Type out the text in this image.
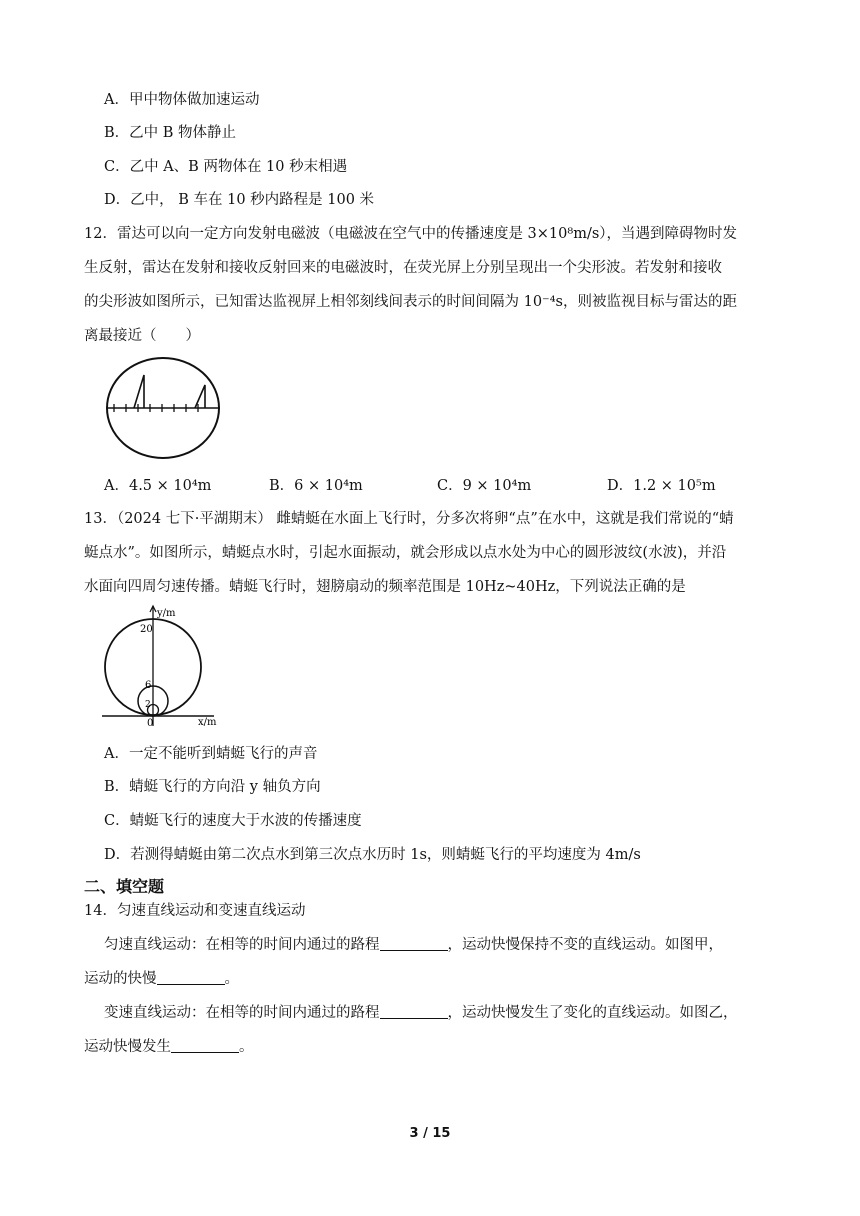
A．甲中物体做加速运动
B．乙中 B 物体静止
C．乙中 A、B 两物体在 10 秒末相遇
D．乙中， B 车在 10 秒内路程是 100 米
12．雷达可以向一定方向发射电磁波（电磁波在空气中的传播速度是 3×10⁸m/s），当遇到障碍物时发
生反射，雷达在发射和接收反射回来的电磁波时，在荧光屏上分别呈现出一个尖形波。若发射和接收
的尖形波如图所示，已知雷达监视屏上相邻刻线间表示的时间间隔为 10⁻⁴s，则被监视目标与雷达的距
离最接近（　　）
A．4.5 × 10⁴m	B．6 × 10⁴m	C．9 × 10⁴m	D．1.2 × 10⁵m
13．（2024 七下·平湖期末） 雌蜻蜓在水面上飞行时，分多次将卵“点”在水中，这就是我们常说的“蜻
蜓点水”。如图所示，蜻蜓点水时，引起水面振动，就会形成以点水处为中心的圆形波纹(水波)，并沿
水面向四周匀速传播。蜻蜓飞行时，翅膀扇动的频率范围是 10Hz~40Hz，下列说法正确的是
y/m
20
6
2
0	x/m
A．一定不能听到蜻蜓飞行的声音
B．蜻蜓飞行的方向沿 y 轴负方向
C．蜻蜓飞行的速度大于水波的传播速度
D．若测得蜻蜓由第二次点水到第三次点水历时 1s，则蜻蜓飞行的平均速度为 4m/s
二、填空题
14．匀速直线运动和变速直线运动
匀速直线运动：在相等的时间内通过的路程	，运动快慢保持不变的直线运动。如图甲，
运动的快慢	。
变速直线运动：在相等的时间内通过的路程	，运动快慢发生了变化的直线运动。如图乙，
运动快慢发生	。
3 / 15
